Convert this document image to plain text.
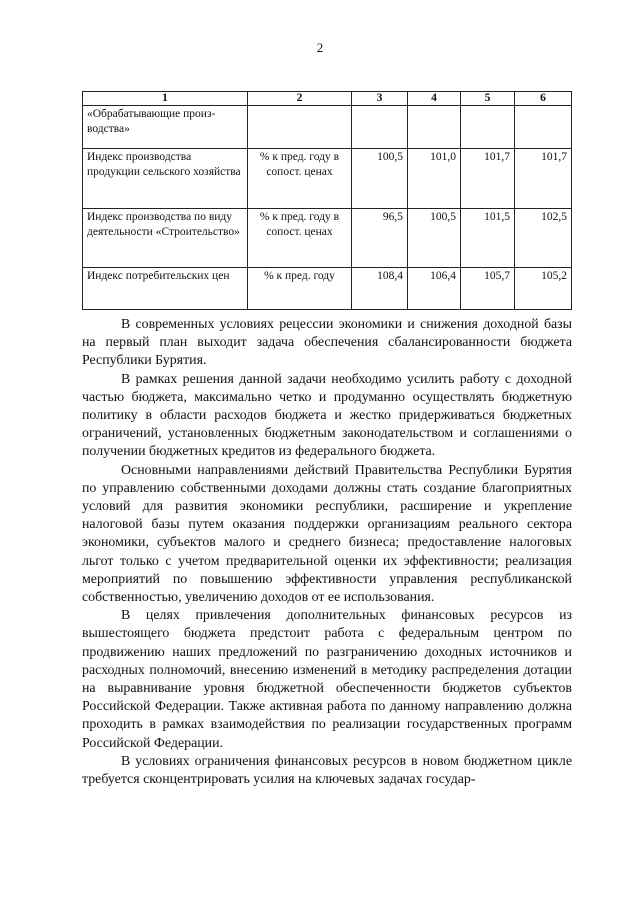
2
1	2	3	4	5	6
«Обрабатывающие произ-водства»					
Индекс производства продукции сельского хозяйства	% к пред. году в сопост. ценах	100,5	101,0	101,7	101,7
Индекс производства по виду деятельности «Строительство»	% к пред. году в сопост. ценах	96,5	100,5	101,5	102,5
Индекс потребительских цен	% к пред. году	108,4	106,4	105,7	105,2

В современных условиях рецессии экономики и снижения доходной базы на первый план выходит задача обеспечения сбалансированности бюджета Республики Бурятия.

В рамках решения данной задачи необходимо усилить работу с доходной частью бюджета, максимально четко и продуманно осуществлять бюджетную политику в области расходов бюджета и жестко придерживаться бюджетных ограничений, установленных бюджетным законодательством и соглашениями о получении бюджетных кредитов из федерального бюджета.

Основными направлениями действий Правительства Республики Бурятия по управлению собственными доходами должны стать создание благоприятных условий для развития экономики республики, расширение и укрепление налоговой базы путем оказания поддержки организациям реального сектора экономики, субъектов малого и среднего бизнеса; предоставление налоговых льгот только с учетом предварительной оценки их эффективности; реализация мероприятий по повышению эффективности управления республиканской собственностью, увеличению доходов от ее использования.

В целях привлечения дополнительных финансовых ресурсов из вышестоящего бюджета предстоит работа с федеральным центром по продвижению наших предложений по разграничению доходных источников и расходных полномочий, внесению изменений в методику распределения дотации на выравнивание уровня бюджетной обеспеченности бюджетов субъектов Российской Федерации. Также активная работа по данному направлению должна проходить в рамках взаимодействия по реализации государственных программ Российской Федерации.

В условиях ограничения финансовых ресурсов в новом бюджетном цикле требуется сконцентрировать усилия на ключевых задачах государ-
